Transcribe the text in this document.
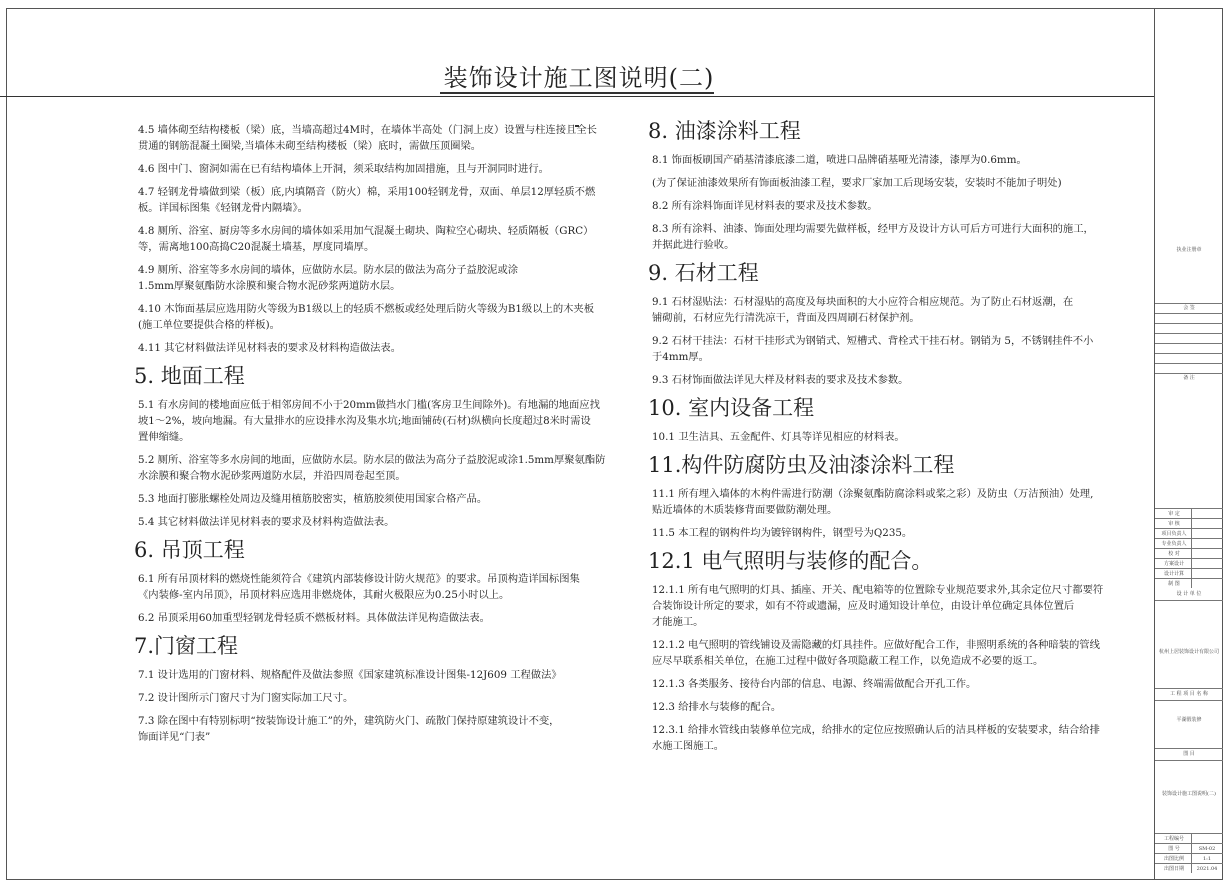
装饰设计施工图说明(二)
4.5 墙体砌至结构楼板（梁）底，当墙高超过4M时，在墙体半高处（门洞上皮）设置与柱连接且全长
贯通的钢筋混凝土圈梁,当墙体未砌至结构楼板（梁）底时，需做压顶圈梁。
4.6 图中门、窗洞如需在已有结构墙体上开洞，须采取结构加固措施，且与开洞同时进行。
4.7 轻钢龙骨墙做到梁（板）底,内填隔音（防火）棉，采用100轻钢龙骨，双面、单层12厚轻质不燃
板。详国标图集《轻钢龙骨内隔墙》。
4.8 厕所、浴室、厨房等多水房间的墙体如采用加气混凝土砌块、陶粒空心砌块、轻质隔板（GRC）
等，需离地100高捣C20混凝土墙基，厚度同墙厚。
4.9 厕所、浴室等多水房间的墙体，应做防水层。防水层的做法为高分子益胶泥或涂
1.5mm厚聚氨酯防水涂膜和聚合物水泥砂浆两道防水层。
4.10 木饰面基层应选用防火等级为B1级以上的轻质不燃板或经处理后防火等级为B1级以上的木夹板
(施工单位要提供合格的样板)。
4.11 其它材料做法详见材料表的要求及材料构造做法表。
5. 地面工程
5.1 有水房间的楼地面应低于相邻房间不小于20mm做挡水门槛(客房卫生间除外)。有地漏的地面应找
坡1～2%，坡向地漏。有大量排水的应设排水沟及集水坑;地面铺砖(石材)纵横向长度超过8米时需设
置伸缩缝。
5.2 厕所、浴室等多水房间的地面，应做防水层。防水层的做法为高分子益胶泥或涂1.5mm厚聚氨酯防
水涂膜和聚合物水泥砂浆两道防水层，并沿四周卷起至顶。
5.3 地面打膨胀螺栓处周边及缝用植筋胶密实，植筋胶须使用国家合格产品。
5.4 其它材料做法详见材料表的要求及材料构造做法表。
6. 吊顶工程
6.1 所有吊顶材料的燃烧性能须符合《建筑内部装修设计防火规范》的要求。吊顶构造详国标图集
《内装修-室内吊顶》，吊顶材料应选用非燃烧体，其耐火极限应为0.25小时以上。
6.2 吊顶采用60加重型轻钢龙骨轻质不燃板材料。具体做法详见构造做法表。
7.门窗工程
7.1 设计选用的门窗材料、规格配件及做法参照《国家建筑标准设计图集-12J609 工程做法》
7.2 设计图所示门窗尺寸为门窗实际加工尺寸。
7.3 除在图中有特别标明“按装饰设计施工”的外，建筑防火门、疏散门保持原建筑设计不变，
饰面详见“门表”
8. 油漆涂料工程
8.1 饰面板刷国产硝基清漆底漆二道，喷进口品牌硝基哑光清漆，漆厚为0.6mm。
(为了保证油漆效果所有饰面板油漆工程，要求厂家加工后现场安装，安装时不能加子明处)
8.2 所有涂料饰面详见材料表的要求及技术参数。
8.3 所有涂料、油漆、饰面处理均需要先做样板，经甲方及设计方认可后方可进行大面积的施工，
并据此进行验收。
9. 石材工程
9.1 石材湿贴法：石材湿贴的高度及每块面积的大小应符合相应规范。为了防止石材返潮，在
铺砌前，石材应先行清洗凉干，背面及四周刷石材保护剂。
9.2 石材干挂法：石材干挂形式为钢销式、短槽式、背栓式干挂石材。钢销为 5，不锈钢挂件不小
于4mm厚。
9.3 石材饰面做法详见大样及材料表的要求及技术参数。
10. 室内设备工程
10.1 卫生洁具、五金配件、灯具等详见相应的材料表。
11.构件防腐防虫及油漆涂料工程
11.1 所有埋入墙体的木构件需进行防潮（涂聚氨酯防腐涂料或桨之彩）及防虫（万洁预油）处理,
贴近墙体的木质装修背面要做防潮处理。
11.5 本工程的钢构件均为镀锌钢构件，钢型号为Q235。
12.1 电气照明与装修的配合。
12.1.1 所有电气照明的灯具、插座、开关、配电箱等的位置除专业规范要求外,其余定位尺寸都要符
合装饰设计所定的要求，如有不符或遗漏，应及时通知设计单位，由设计单位确定具体位置后
才能施工。
12.1.2 电气照明的管线铺设及需隐藏的灯具挂件。应做好配合工作，非照明系统的各种暗装的管线
应尽早联系相关单位，在施工过程中做好各项隐蔽工程工作，以免造成不必要的返工。
12.1.3 各类服务、接待台内部的信息、电源、终端需做配合开孔工作。
12.3 给排水与装修的配合。
12.3.1 给排水管线由装修单位完成，给排水的定位应按照确认后的洁具样板的安装要求，结合给排
水施工图施工。
执业注册章
会 签
备 注
审 定
审 核
项目负责人
专业负责人
校 对
方案设计
设计计算
制 图
设 计 单 位
杭州上居装饰设计有限公司
工 程 项 目 名 称
平湖假装修
图 目
装饰设计施工图说明(二)
工程编号
图 号	SM-02
出图比例	1:1
出图日期	2021.04
